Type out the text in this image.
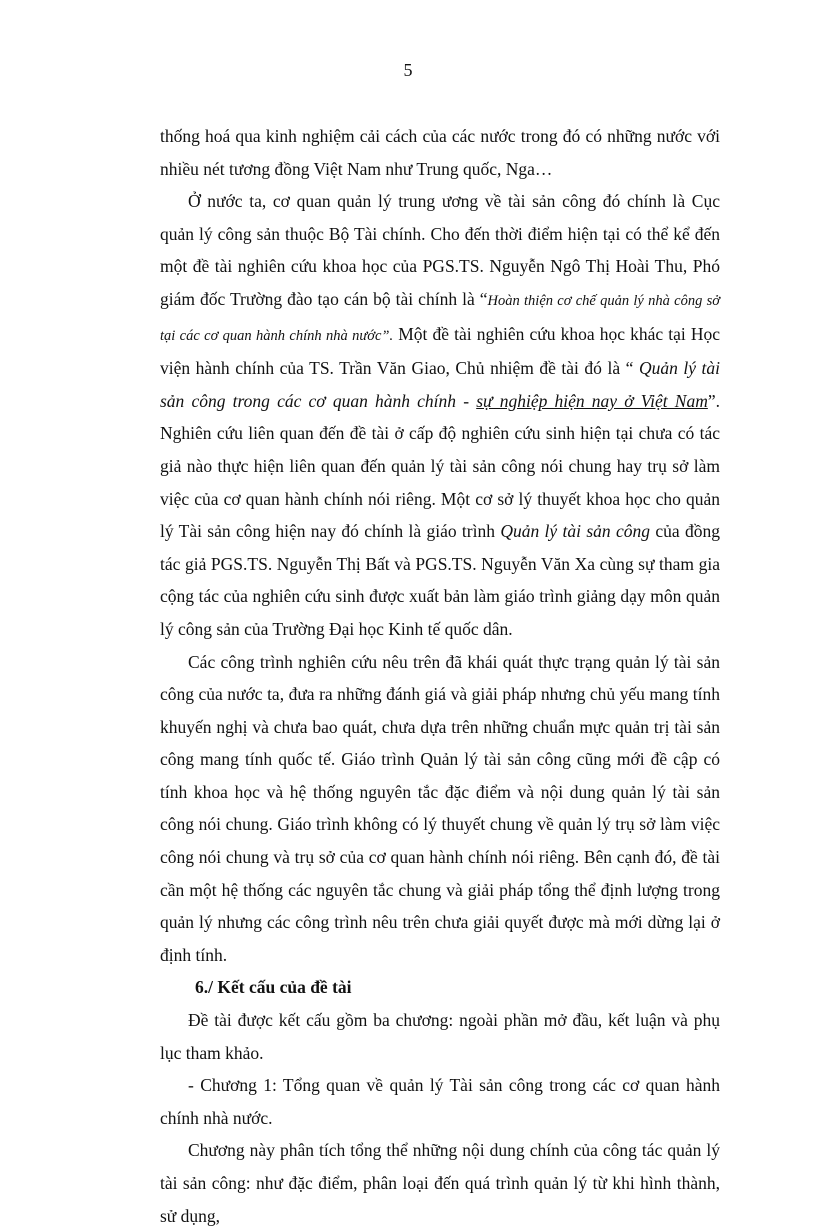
5

thống hoá qua kinh nghiệm cải cách của các nước trong đó có những nước với nhiều nét tương đồng Việt Nam như Trung quốc, Nga…

Ở nước ta, cơ quan quản lý trung ương về tài sản công đó chính là Cục quản lý công sản thuộc Bộ Tài chính. Cho đến thời điểm hiện tại có thể kể đến một đề tài nghiên cứu khoa học của PGS.TS. Nguyễn Ngô Thị Hoài Thu, Phó giám đốc Trường đào tạo cán bộ tài chính là “Hoàn thiện cơ chế quản lý nhà công sở tại các cơ quan hành chính nhà nước”. Một đề tài nghiên cứu khoa học khác tại Học viện hành chính của TS. Trần Văn Giao, Chủ nhiệm đề tài đó là “ Quản lý tài sản công trong các cơ quan hành chính - sự nghiệp hiện nay ở Việt Nam”. Nghiên cứu liên quan đến đề tài ở cấp độ nghiên cứu sinh hiện tại chưa có tác giả nào thực hiện liên quan đến quản lý tài sản công nói chung hay trụ sở làm việc của cơ quan hành chính nói riêng. Một cơ sở lý thuyết khoa học cho quản lý Tài sản công hiện nay đó chính là giáo trình Quản lý tài sản công của đồng tác giả PGS.TS. Nguyễn Thị Bất và PGS.TS. Nguyễn Văn Xa cùng sự tham gia cộng tác của nghiên cứu sinh được xuất bản làm giáo trình giảng dạy môn quản lý công sản của Trường Đại học Kinh tế quốc dân.

Các công trình nghiên cứu nêu trên đã khái quát thực trạng quản lý tài sản công của nước ta, đưa ra những đánh giá và giải pháp nhưng chủ yếu mang tính khuyến nghị và chưa bao quát, chưa dựa trên những chuẩn mực quản trị tài sản công mang tính quốc tế. Giáo trình Quản lý tài sản công cũng mới đề cập có tính khoa học và hệ thống nguyên tắc đặc điểm và nội dung quản lý tài sản công nói chung. Giáo trình không có lý thuyết chung về quản lý trụ sở làm việc công nói chung và trụ sở của cơ quan hành chính nói riêng. Bên cạnh đó, đề tài cần một hệ thống các nguyên tắc chung và giải pháp tổng thể định lượng trong quản lý nhưng các công trình nêu trên chưa giải quyết được mà mới dừng lại ở định tính.

6./ Kết cấu của đề tài

Đề tài được kết cấu gồm ba chương: ngoài phần mở đầu, kết luận và phụ lục tham khảo.

- Chương 1: Tổng quan về quản lý Tài sản công trong các cơ quan hành chính nhà nước.

Chương này phân tích tổng thể những nội dung chính của công tác quản lý tài sản công: như đặc điểm, phân loại đến quá trình quản lý từ khi hình thành, sử dụng,
